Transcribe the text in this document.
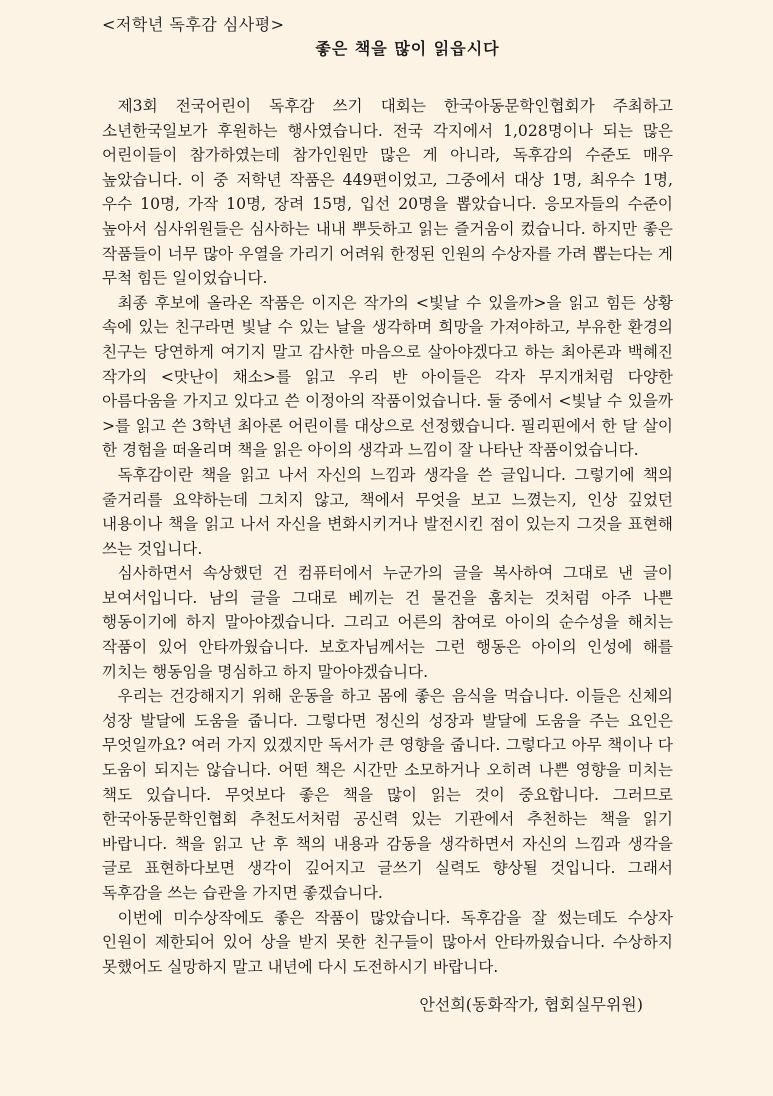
<저학년 독후감 심사평>

좋은 책을 많이 읽읍시다

제3회 전국어린이 독후감 쓰기 대회는 한국아동문학인협회가 주최하고 소년한국일보가 후원하는 행사였습니다. 전국 각지에서 1,028명이나 되는 많은 어린이들이 참가하였는데 참가인원만 많은 게 아니라, 독후감의 수준도 매우 높았습니다. 이 중 저학년 작품은 449편이었고, 그중에서 대상 1명, 최우수 1명, 우수 10명, 가작 10명, 장려 15명, 입선 20명을 뽑았습니다. 응모자들의 수준이 높아서 심사위원들은 심사하는 내내 뿌듯하고 읽는 즐거움이 컸습니다. 하지만 좋은 작품들이 너무 많아 우열을 가리기 어려워 한정된 인원의 수상자를 가려 뽑는다는 게 무척 힘든 일이었습니다.

최종 후보에 올라온 작품은 이지은 작가의 <빛날 수 있을까>을 읽고 힘든 상황 속에 있는 친구라면 빛날 수 있는 날을 생각하며 희망을 가져야하고, 부유한 환경의 친구는 당연하게 여기지 말고 감사한 마음으로 살아야겠다고 하는 최아론과 백혜진 작가의 <맛난이 채소>를 읽고 우리 반 아이들은 각자 무지개처럼 다양한 아름다움을 가지고 있다고 쓴 이정아의 작품이었습니다. 둘 중에서 <빛날 수 있을까>를 읽고 쓴 3학년 최아론 어린이를 대상으로 선정했습니다. 필리핀에서 한 달 살이 한 경험을 떠올리며 책을 읽은 아이의 생각과 느낌이 잘 나타난 작품이었습니다.

독후감이란 책을 읽고 나서 자신의 느낌과 생각을 쓴 글입니다. 그렇기에 책의 줄거리를 요약하는데 그치지 않고, 책에서 무엇을 보고 느꼈는지, 인상 깊었던 내용이나 책을 읽고 나서 자신을 변화시키거나 발전시킨 점이 있는지 그것을 표현해 쓰는 것입니다.

심사하면서 속상했던 건 컴퓨터에서 누군가의 글을 복사하여 그대로 낸 글이 보여서입니다. 남의 글을 그대로 베끼는 건 물건을 훔치는 것처럼 아주 나쁜 행동이기에 하지 말아야겠습니다. 그리고 어른의 참여로 아이의 순수성을 해치는 작품이 있어 안타까웠습니다. 보호자님께서는 그런 행동은 아이의 인성에 해를 끼치는 행동임을 명심하고 하지 말아야겠습니다.

우리는 건강해지기 위해 운동을 하고 몸에 좋은 음식을 먹습니다. 이들은 신체의 성장 발달에 도움을 줍니다. 그렇다면 정신의 성장과 발달에 도움을 주는 요인은 무엇일까요? 여러 가지 있겠지만 독서가 큰 영향을 줍니다. 그렇다고 아무 책이나 다 도움이 되지는 않습니다. 어떤 책은 시간만 소모하거나 오히려 나쁜 영향을 미치는 책도 있습니다. 무엇보다 좋은 책을 많이 읽는 것이 중요합니다. 그러므로 한국아동문학인협회 추천도서처럼 공신력 있는 기관에서 추천하는 책을 읽기 바랍니다. 책을 읽고 난 후 책의 내용과 감동을 생각하면서 자신의 느낌과 생각을 글로 표현하다보면 생각이 깊어지고 글쓰기 실력도 향상될 것입니다. 그래서 독후감을 쓰는 습관을 가지면 좋겠습니다.

이번에 미수상작에도 좋은 작품이 많았습니다. 독후감을 잘 썼는데도 수상자 인원이 제한되어 있어 상을 받지 못한 친구들이 많아서 안타까웠습니다. 수상하지 못했어도 실망하지 말고 내년에 다시 도전하시기 바랍니다.

안선희(동화작가, 협회실무위원)
